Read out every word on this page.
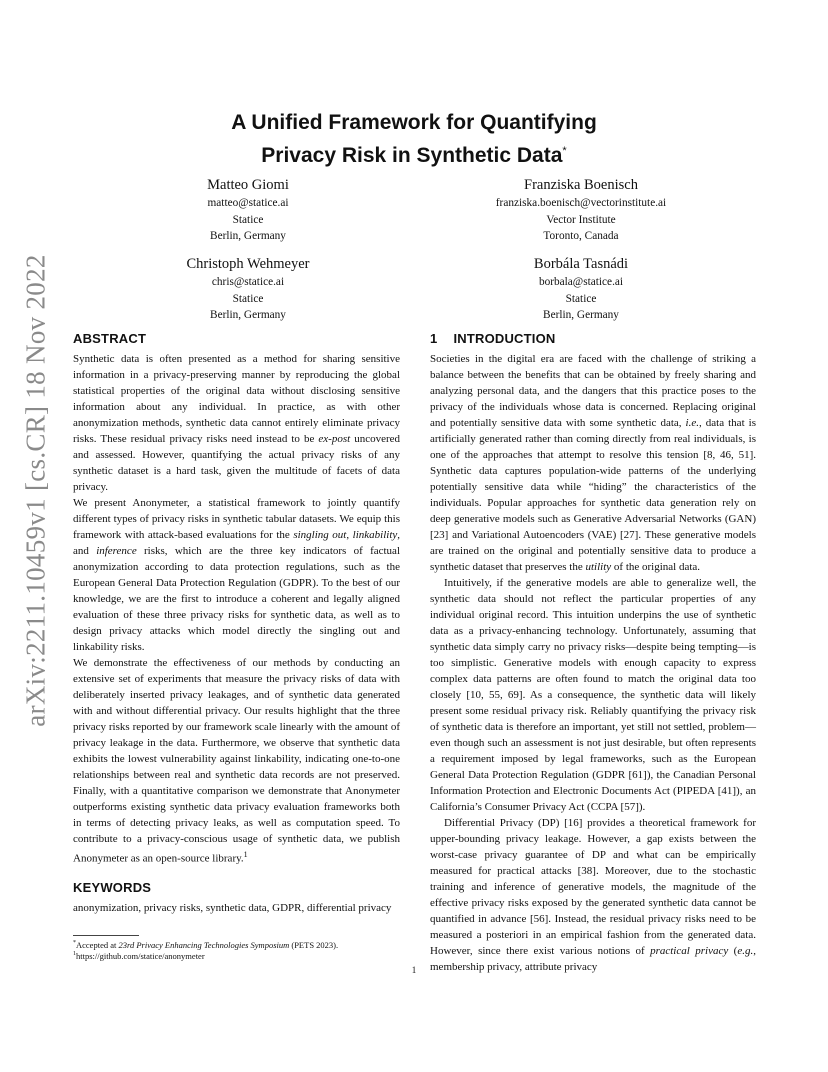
arXiv:2211.10459v1 [cs.CR] 18 Nov 2022
A Unified Framework for Quantifying
Privacy Risk in Synthetic Data*
Matteo Giomi
matteo@statice.ai
Statice
Berlin, Germany
Franziska Boenisch
franziska.boenisch@vectorinstitute.ai
Vector Institute
Toronto, Canada
Christoph Wehmeyer
chris@statice.ai
Statice
Berlin, Germany
Borbála Tasnádi
borbala@statice.ai
Statice
Berlin, Germany
ABSTRACT

Synthetic data is often presented as a method for sharing sensitive information in a privacy-preserving manner by reproducing the global statistical properties of the original data without disclosing sensitive information about any individual. In practice, as with other anonymization methods, synthetic data cannot entirely eliminate privacy risks. These residual privacy risks need instead to be ex-post uncovered and assessed. However, quantifying the actual privacy risks of any synthetic dataset is a hard task, given the multitude of facets of data privacy.

We present Anonymeter, a statistical framework to jointly quantify different types of privacy risks in synthetic tabular datasets. We equip this framework with attack-based evaluations for the singling out, linkability, and inference risks, which are the three key indicators of factual anonymization according to data protection regulations, such as the European General Data Protection Regulation (GDPR). To the best of our knowledge, we are the first to introduce a coherent and legally aligned evaluation of these three privacy risks for synthetic data, as well as to design privacy attacks which model directly the singling out and linkability risks.

We demonstrate the effectiveness of our methods by conducting an extensive set of experiments that measure the privacy risks of data with deliberately inserted privacy leakages, and of synthetic data generated with and without differential privacy. Our results highlight that the three privacy risks reported by our framework scale linearly with the amount of privacy leakage in the data. Furthermore, we observe that synthetic data exhibits the lowest vulnerability against linkability, indicating one-to-one relationships between real and synthetic data records are not preserved. Finally, with a quantitative comparison we demonstrate that Anonymeter outperforms existing synthetic data privacy evaluation frameworks both in terms of detecting privacy leaks, as well as computation speed. To contribute to a privacy-conscious usage of synthetic data, we publish Anonymeter as an open-source library.$^1$

KEYWORDS

anonymization, privacy risks, synthetic data, GDPR, differential privacy

*Accepted at 23rd Privacy Enhancing Technologies Symposium (PETS 2023).
$^1$https://github.com/statice/anonymeter
1 INTRODUCTION

Societies in the digital era are faced with the challenge of striking a balance between the benefits that can be obtained by freely sharing and analyzing personal data, and the dangers that this practice poses to the privacy of the individuals whose data is concerned. Replacing original and potentially sensitive data with some synthetic data, i.e., data that is artificially generated rather than coming directly from real individuals, is one of the approaches that attempt to resolve this tension [8, 46, 51]. Synthetic data captures population-wide patterns of the underlying potentially sensitive data while “hiding” the characteristics of the individuals. Popular approaches for synthetic data generation rely on deep generative models such as Generative Adversarial Networks (GAN) [23] and Variational Autoencoders (VAE) [27]. These generative models are trained on the original and potentially sensitive data to produce a synthetic dataset that preserves the utility of the original data.

Intuitively, if the generative models are able to generalize well, the synthetic data should not reflect the particular properties of any individual original record. This intuition underpins the use of synthetic data as a privacy-enhancing technology. Unfortunately, assuming that synthetic data simply carry no privacy risks—despite being tempting—is too simplistic. Generative models with enough capacity to express complex data patterns are often found to match the original data too closely [10, 55, 69]. As a consequence, the synthetic data will likely present some residual privacy risk. Reliably quantifying the privacy risk of synthetic data is therefore an important, yet still not settled, problem—even though such an assessment is not just desirable, but often represents a requirement imposed by legal frameworks, such as the European General Data Protection Regulation (GDPR [61]), the Canadian Personal Information Protection and Electronic Documents Act (PIPEDA [41]), an California’s Consumer Privacy Act (CCPA [57]).

Differential Privacy (DP) [16] provides a theoretical framework for upper-bounding privacy leakage. However, a gap exists between the worst-case privacy guarantee of DP and what can be empirically measured for practical attacks [38]. Moreover, due to the stochastic training and inference of generative models, the magnitude of the effective privacy risks exposed by the generated synthetic data cannot be quantified in advance [56]. Instead, the residual privacy risks need to be measured a posteriori in an empirical fashion from the generated data. However, since there exist various notions of practical privacy (e.g., membership privacy, attribute privacy

1
